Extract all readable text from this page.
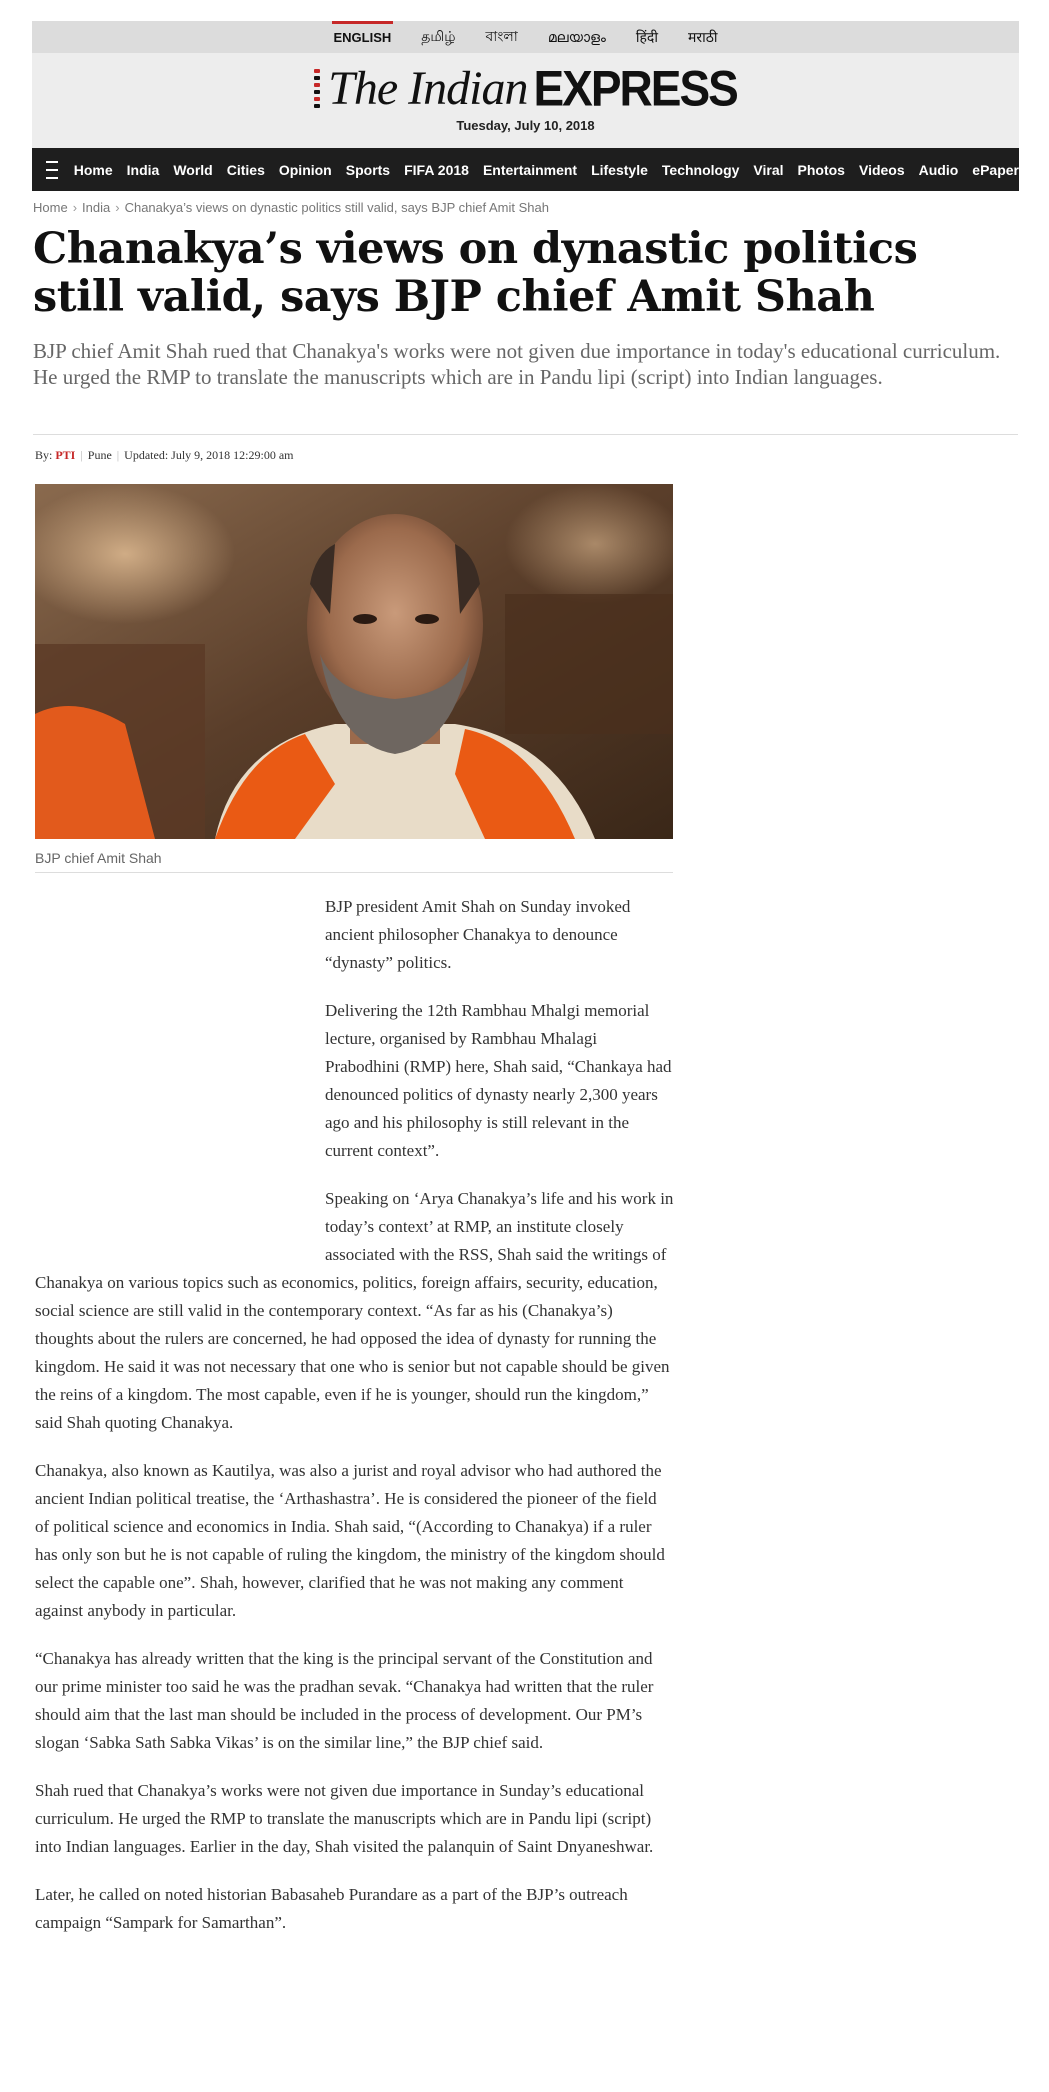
ENGLISH தமிழ் বাংলা മലയാളം हिंदी मराठी
The Indian EXPRESS
Tuesday, July 10, 2018
Home India World Cities Opinion Sports FIFA 2018 Entertainment Lifestyle Technology Viral Photos Videos Audio ePaper
Home › India › Chanakya’s views on dynastic politics still valid, says BJP chief Amit Shah
Chanakya’s views on dynastic politics still valid, says BJP chief Amit Shah
BJP chief Amit Shah rued that Chanakya's works were not given due importance in today's educational curriculum. He urged the RMP to translate the manuscripts which are in Pandu lipi (script) into Indian languages.
By: PTI | Pune | Updated: July 9, 2018 12:29:00 am
BJP chief Amit Shah

BJP president Amit Shah on Sunday invoked ancient philosopher Chanakya to denounce “dynasty” politics.

Delivering the 12th Rambhau Mhalgi memorial lecture, organised by Rambhau Mhalagi Prabodhini (RMP) here, Shah said, “Chankaya had denounced politics of dynasty nearly 2,300 years ago and his philosophy is still relevant in the current context”.

Speaking on ‘Arya Chanakya’s life and his work in today’s context’ at RMP, an institute closely associated with the RSS, Shah said the writings of Chanakya on various topics such as economics, politics, foreign affairs, security, education, social science are still valid in the contemporary context. “As far as his (Chanakya’s) thoughts about the rulers are concerned, he had opposed the idea of dynasty for running the kingdom. He said it was not necessary that one who is senior but not capable should be given the reins of a kingdom. The most capable, even if he is younger, should run the kingdom,” said Shah quoting Chanakya.

Chanakya, also known as Kautilya, was also a jurist and royal advisor who had authored the ancient Indian political treatise, the ‘Arthashastra’. He is considered the pioneer of the field of political science and economics in India. Shah said, “(According to Chanakya) if a ruler has only son but he is not capable of ruling the kingdom, the ministry of the kingdom should select the capable one”. Shah, however, clarified that he was not making any comment against anybody in particular.

“Chanakya has already written that the king is the principal servant of the Constitution and our prime minister too said he was the pradhan sevak. “Chanakya had written that the ruler should aim that the last man should be included in the process of development. Our PM’s slogan ‘Sabka Sath Sabka Vikas’ is on the similar line,” the BJP chief said.

Shah rued that Chanakya’s works were not given due importance in Sunday’s educational curriculum. He urged the RMP to translate the manuscripts which are in Pandu lipi (script) into Indian languages. Earlier in the day, Shah visited the palanquin of Saint Dnyaneshwar.

Later, he called on noted historian Babasaheb Purandare as a part of the BJP’s outreach campaign “Sampark for Samarthan”.
